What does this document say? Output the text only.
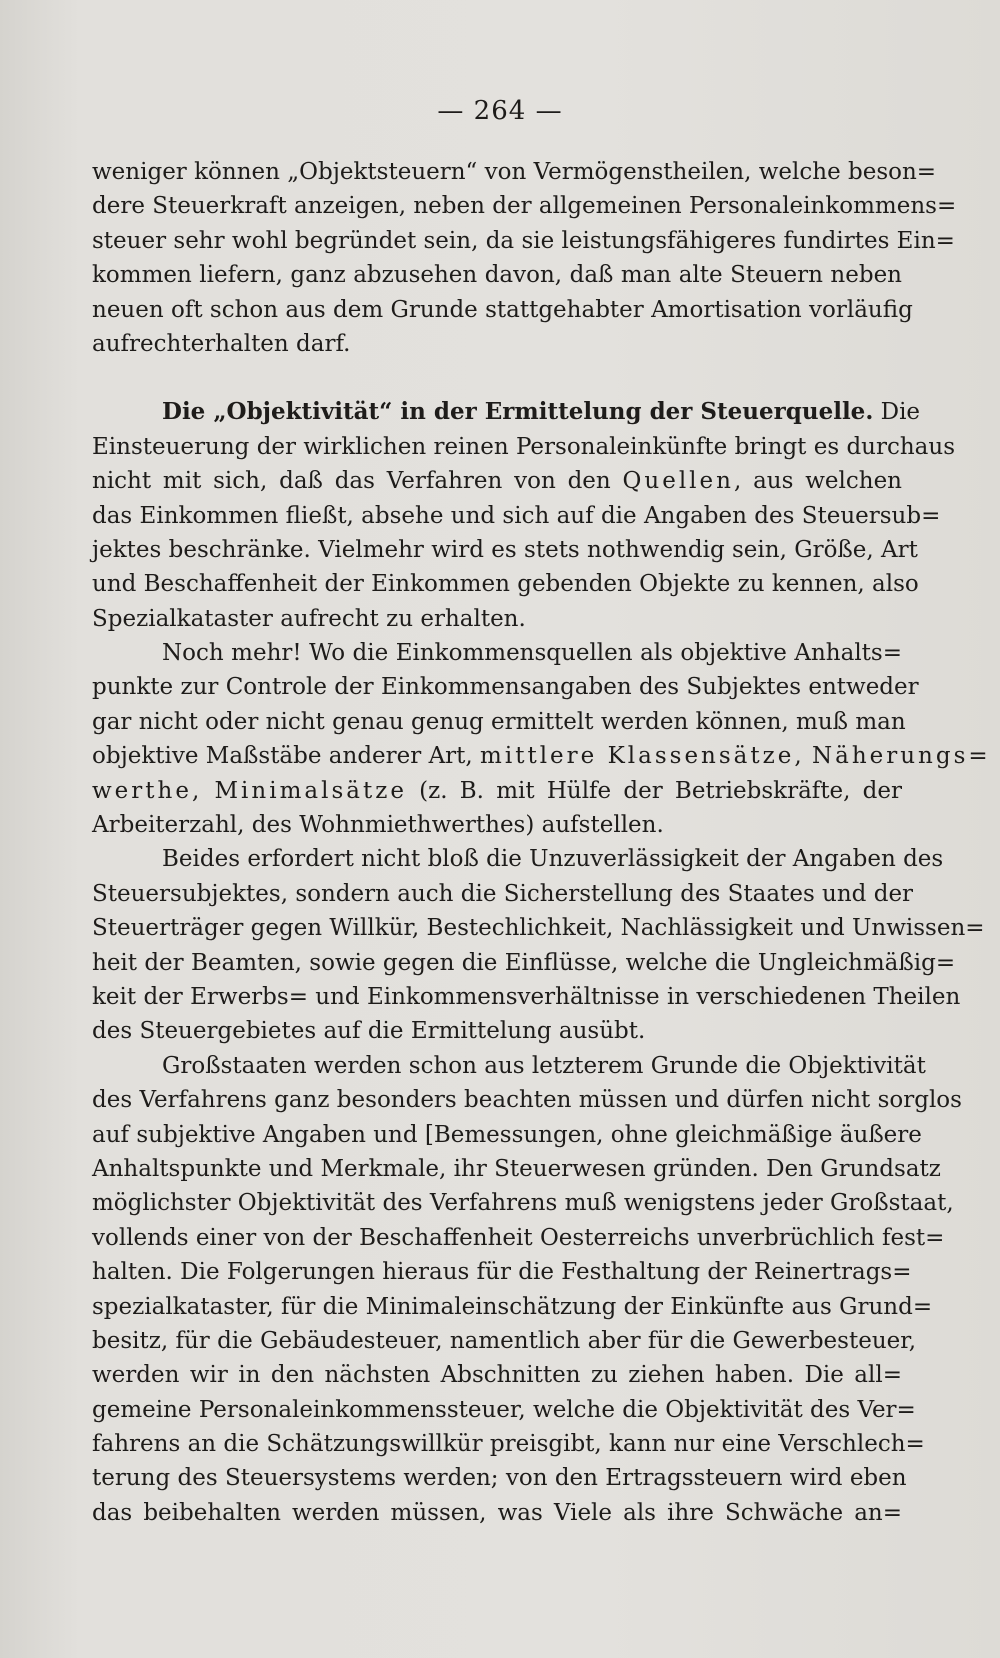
— 264 —
weniger können „Objektsteuern“ von Vermögenstheilen, welche beson=
dere Steuerkraft anzeigen, neben der allgemeinen Personaleinkommens=
steuer sehr wohl begründet sein, da sie leistungsfähigeres fundirtes Ein=
kommen liefern, ganz abzusehen davon, daß man alte Steuern neben
neuen oft schon aus dem Grunde stattgehabter Amortisation vorläufig
aufrechterhalten darf.
Die „Objektivität“ in der Ermittelung der Steuerquelle. Die
Einsteuerung der wirklichen reinen Personaleinkünfte bringt es durchaus
nicht mit sich, daß das Verfahren von den Quellen, aus welchen
das Einkommen fließt, absehe und sich auf die Angaben des Steuersub=
jektes beschränke. Vielmehr wird es stets nothwendig sein, Größe, Art
und Beschaffenheit der Einkommen gebenden Objekte zu kennen, also
Spezialkataster aufrecht zu erhalten.
Noch mehr! Wo die Einkommensquellen als objektive Anhalts=
punkte zur Controle der Einkommensangaben des Subjektes entweder
gar nicht oder nicht genau genug ermittelt werden können, muß man
objektive Maßstäbe anderer Art, mittlere Klassensätze, Näherungs=
werthe, Minimalsätze (z. B. mit Hülfe der Betriebskräfte, der
Arbeiterzahl, des Wohnmiethwerthes) aufstellen.
Beides erfordert nicht bloß die Unzuverlässigkeit der Angaben des
Steuersubjektes, sondern auch die Sicherstellung des Staates und der
Steuerträger gegen Willkür, Bestechlichkeit, Nachlässigkeit und Unwissen=
heit der Beamten, sowie gegen die Einflüsse, welche die Ungleichmäßig=
keit der Erwerbs= und Einkommensverhältnisse in verschiedenen Theilen
des Steuergebietes auf die Ermittelung ausübt.
Großstaaten werden schon aus letzterem Grunde die Objektivität
des Verfahrens ganz besonders beachten müssen und dürfen nicht sorglos
auf subjektive Angaben und [Bemessungen, ohne gleichmäßige äußere
Anhaltspunkte und Merkmale, ihr Steuerwesen gründen. Den Grundsatz
möglichster Objektivität des Verfahrens muß wenigstens jeder Großstaat,
vollends einer von der Beschaffenheit Oesterreichs unverbrüchlich fest=
halten. Die Folgerungen hieraus für die Festhaltung der Reinertrags=
spezialkataster, für die Minimaleinschätzung der Einkünfte aus Grund=
besitz, für die Gebäudesteuer, namentlich aber für die Gewerbesteuer,
werden wir in den nächsten Abschnitten zu ziehen haben. Die all=
gemeine Personaleinkommenssteuer, welche die Objektivität des Ver=
fahrens an die Schätzungswillkür preisgibt, kann nur eine Verschlech=
terung des Steuersystems werden; von den Ertragssteuern wird eben
das beibehalten werden müssen, was Viele als ihre Schwäche an=
